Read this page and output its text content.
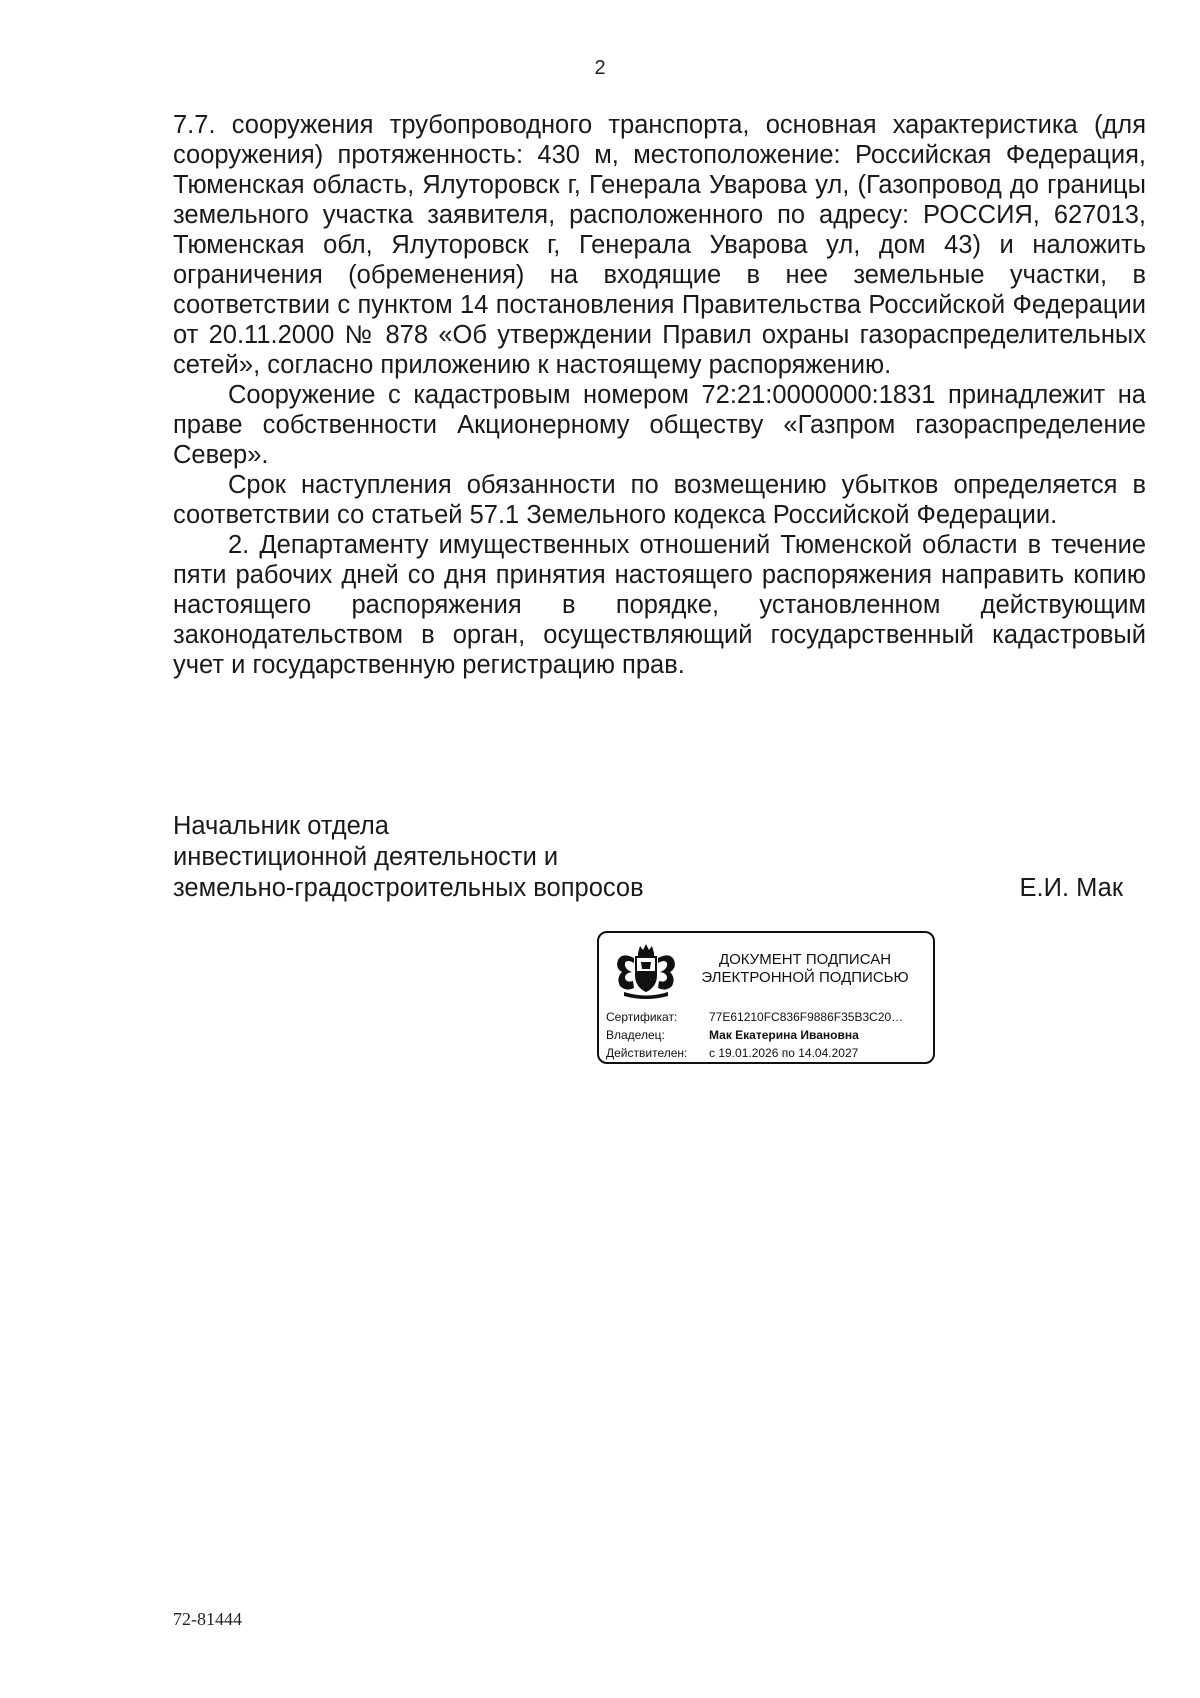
2

7.7. сооружения трубопроводного транспорта, основная характеристика (для сооружения) протяженность: 430 м, местоположение: Российская Федерация, Тюменская область, Ялуторовск г, Генерала Уварова ул, (Газопровод до границы земельного участка заявителя, расположенного по адресу: РОССИЯ, 627013, Тюменская обл, Ялуторовск г, Генерала Уварова ул, дом 43) и наложить ограничения (обременения) на входящие в нее земельные участки, в соответствии с пунктом 14 постановления Правительства Российской Федерации от 20.11.2000 № 878 «Об утверждении Правил охраны газораспределительных сетей», согласно приложению к настоящему распоряжению.

Сооружение с кадастровым номером 72:21:0000000:1831 принадлежит на праве собственности Акционерному обществу «Газпром газораспределение Север».

Срок наступления обязанности по возмещению убытков определяется в соответствии со статьей 57.1 Земельного кодекса Российской Федерации.

2. Департаменту имущественных отношений Тюменской области в течение пяти рабочих дней со дня принятия настоящего распоряжения направить копию настоящего распоряжения в порядке, установленном действующим законодательством в орган, осуществляющий государственный кадастровый учет и государственную регистрацию прав.

Начальник отдела
инвестиционной деятельности и
земельно-градостроительных вопросов	Е.И. Мак
ДОКУМЕНТ ПОДПИСАН
ЭЛЕКТРОННОЙ ПОДПИСЬЮ
Сертификат:	77E61210FC836F9886F35B3C20…
Владелец:	Мак Екатерина Ивановна
Действителен:	с 19.01.2026 по 14.04.2027
72-81444
